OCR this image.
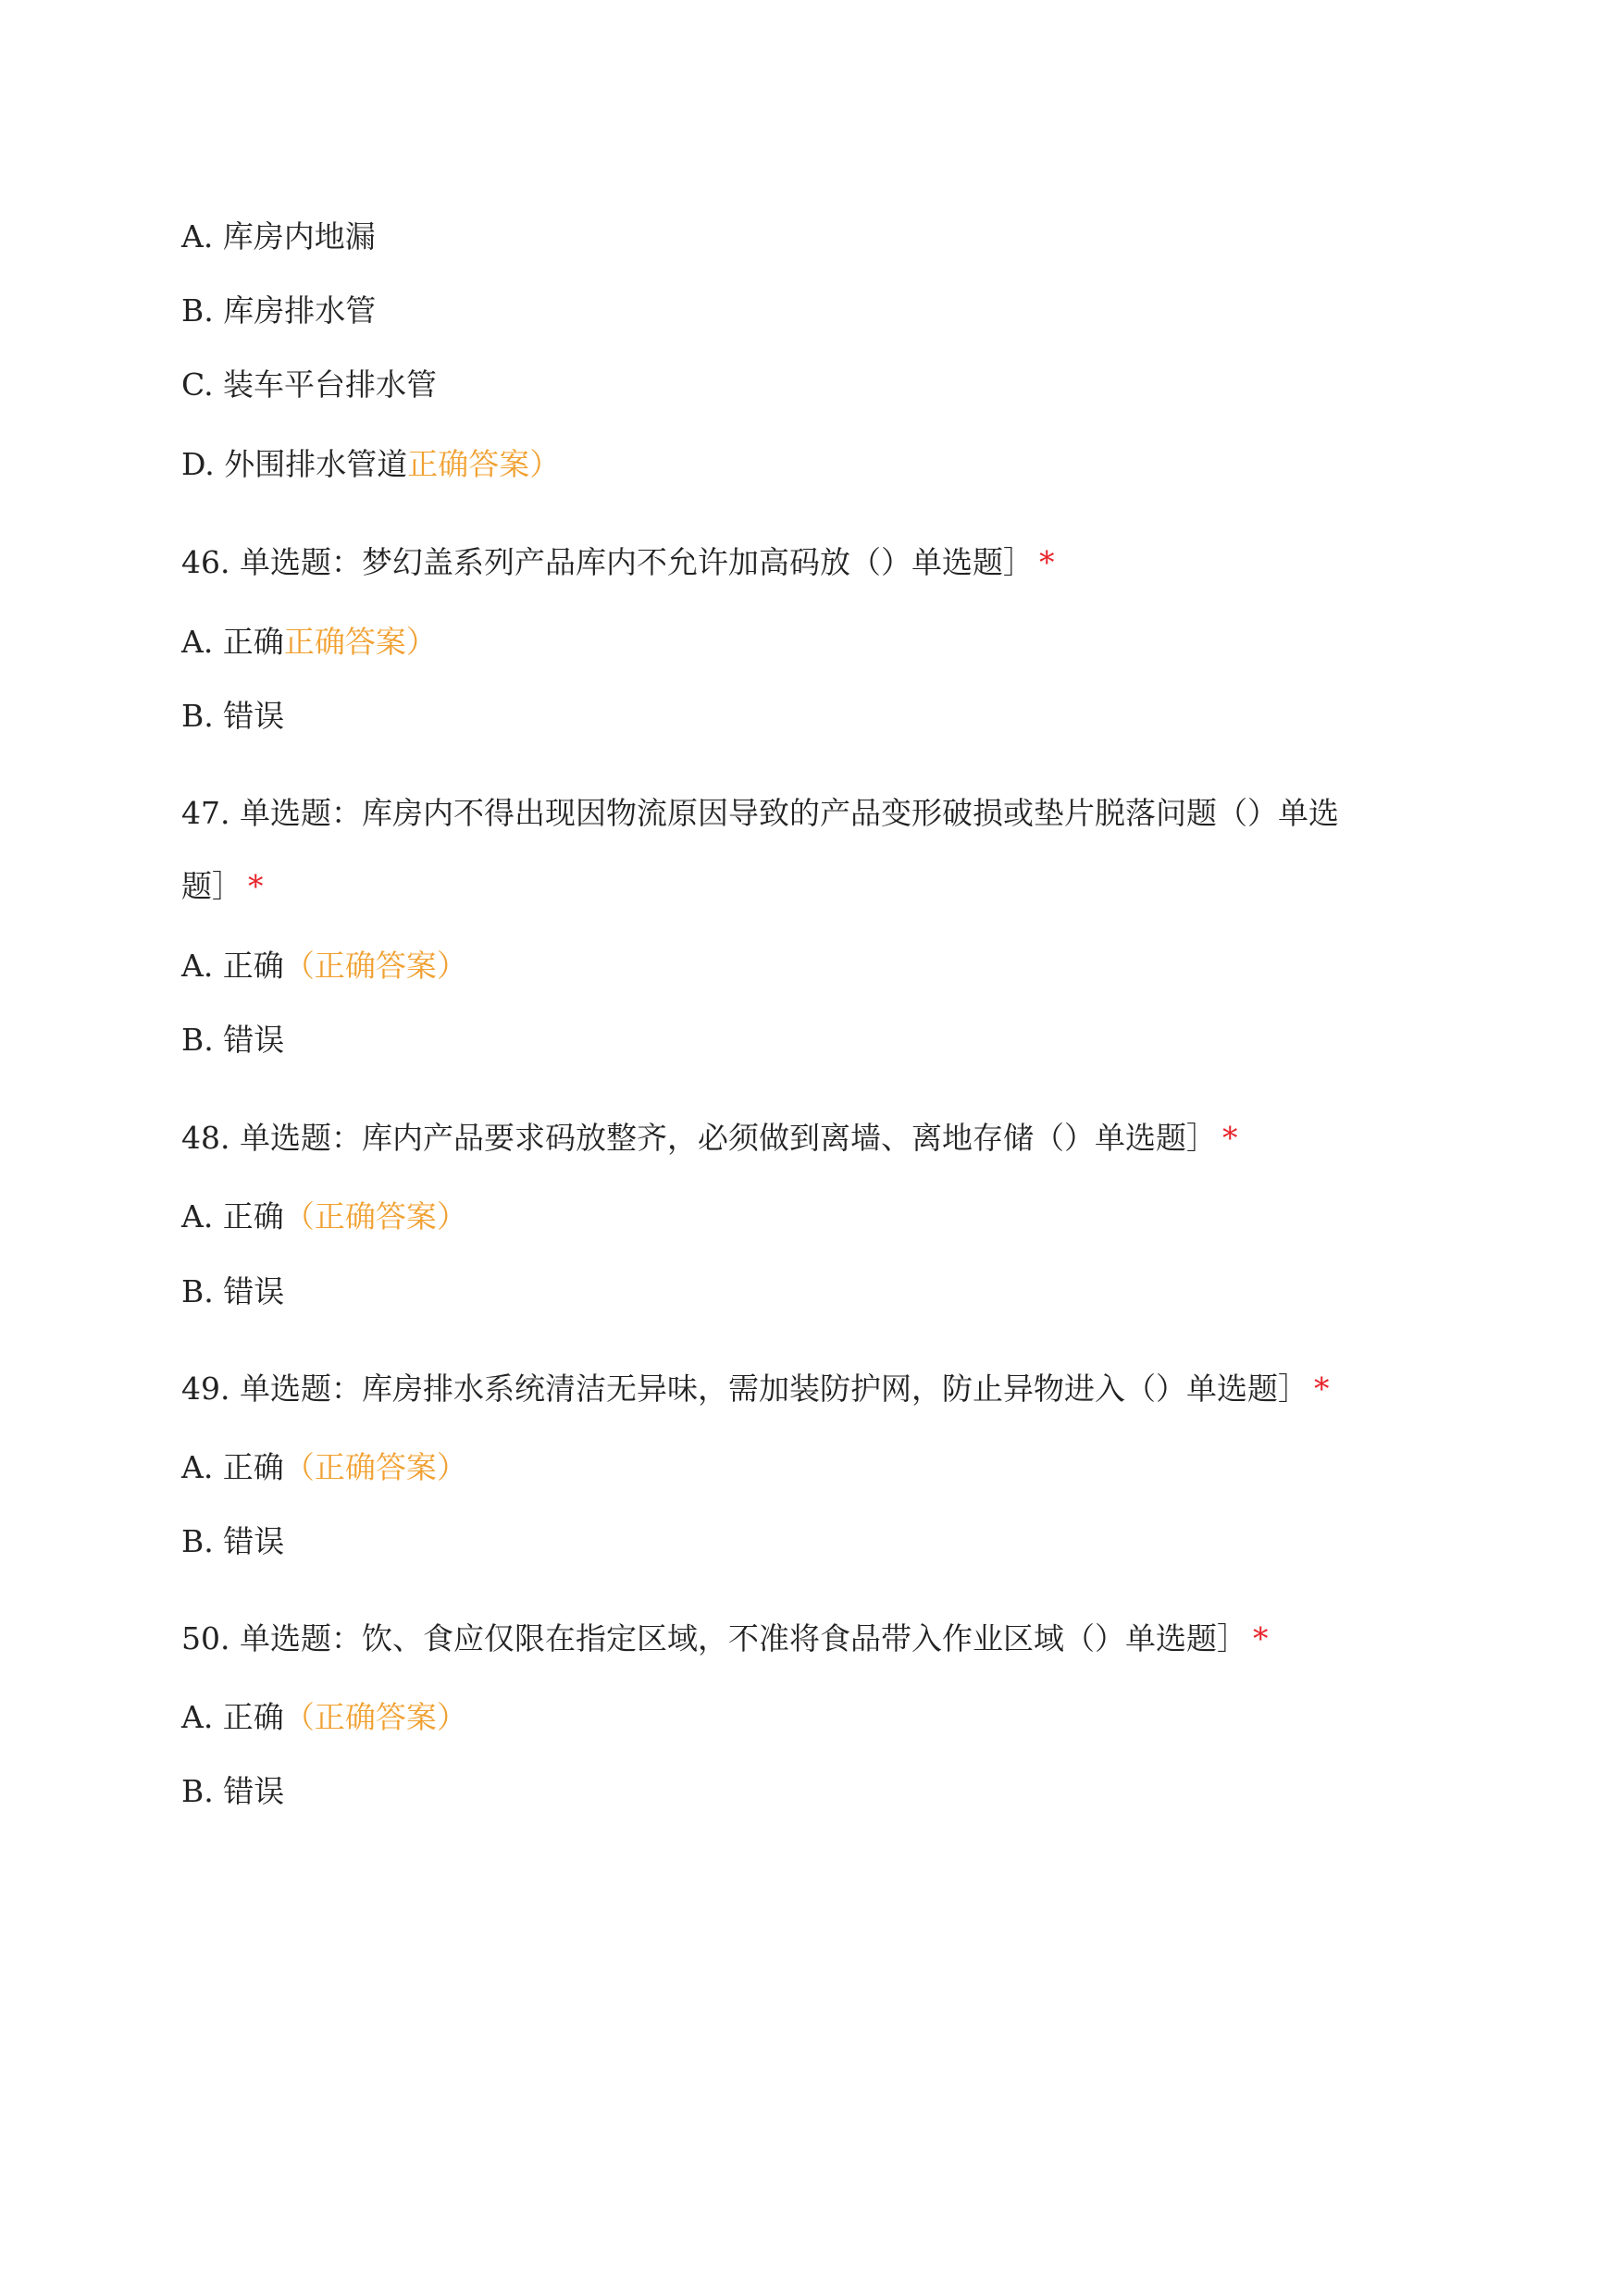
A. 库房内地漏
B. 库房排水管
C. 装车平台排水管
D. 外围排水管道正确答案）
46. 单选题：梦幻盖系列产品库内不允许加高码放（）单选题］ *
A. 正确正确答案）
B. 错误
47. 单选题：库房内不得出现因物流原因导致的产品变形破损或垫片脱落问题（）单选
题］ *
A. 正确（正确答案）
B. 错误
48. 单选题：库内产品要求码放整齐，必须做到离墙、离地存储（）单选题］ *
A. 正确（正确答案）
B. 错误
49. 单选题：库房排水系统清洁无异味，需加装防护网，防止异物进入（）单选题］ *
A. 正确（正确答案）
B. 错误
50. 单选题：饮、食应仅限在指定区域，不准将食品带入作业区域（）单选题］ *
A. 正确（正确答案）
B. 错误
